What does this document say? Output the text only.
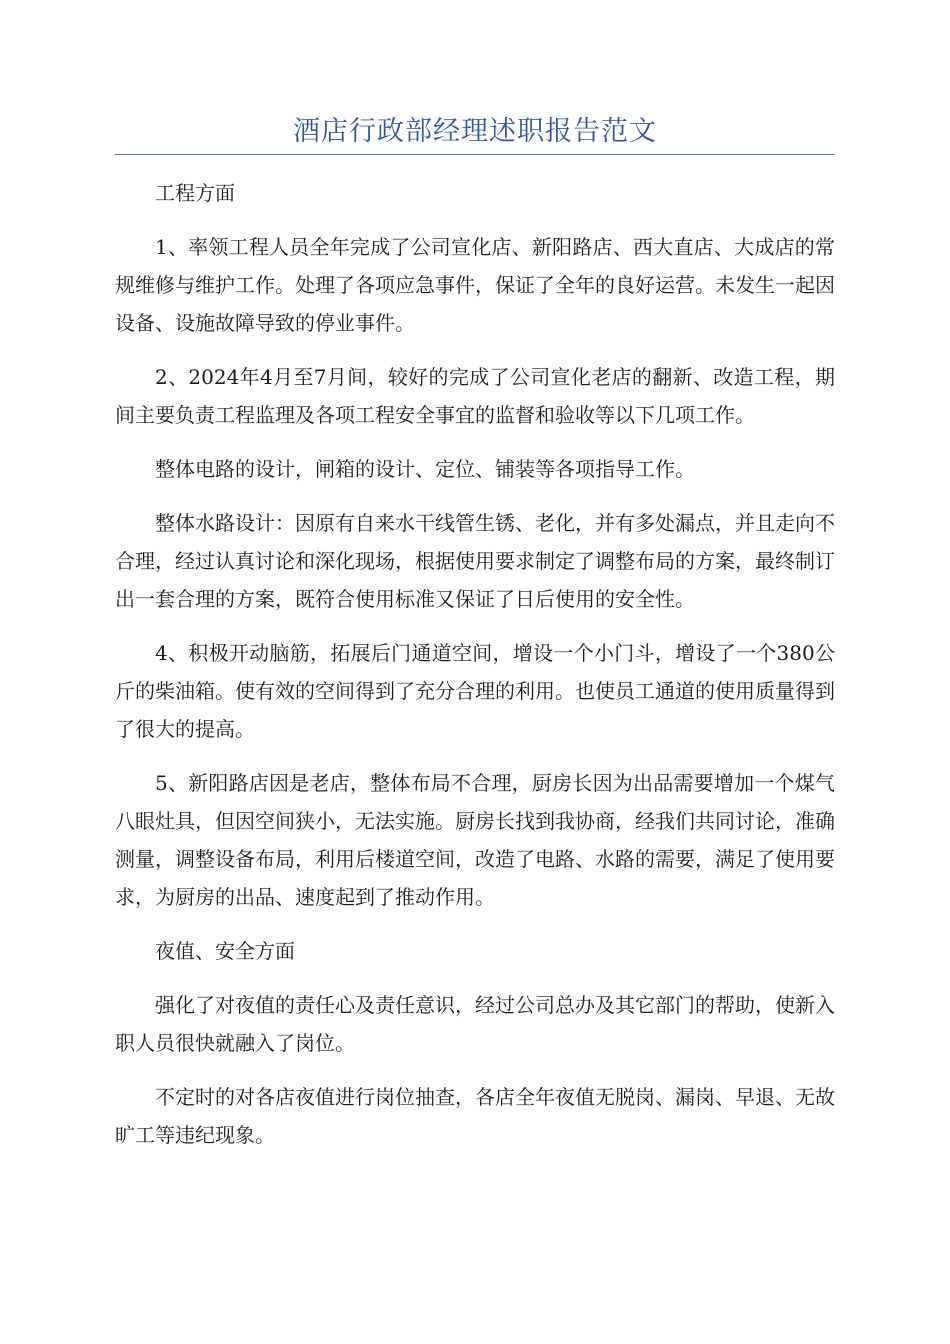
酒店行政部经理述职报告范文

工程方面

1、率领工程人员全年完成了公司宣化店、新阳路店、西大直店、大成店的常规维修与维护工作。处理了各项应急事件，保证了全年的良好运营。未发生一起因设备、设施故障导致的停业事件。

2、2024年4月至7月间，较好的完成了公司宣化老店的翻新、改造工程，期间主要负责工程监理及各项工程安全事宜的监督和验收等以下几项工作。

整体电路的设计，闸箱的设计、定位、铺装等各项指导工作。

整体水路设计：因原有自来水干线管生锈、老化，并有多处漏点，并且走向不合理，经过认真讨论和深化现场，根据使用要求制定了调整布局的方案，最终制订出一套合理的方案，既符合使用标准又保证了日后使用的安全性。

4、积极开动脑筋，拓展后门通道空间，增设一个小门斗，增设了一个380公斤的柴油箱。使有效的空间得到了充分合理的利用。也使员工通道的使用质量得到了很大的提高。

5、新阳路店因是老店，整体布局不合理，厨房长因为出品需要增加一个煤气八眼灶具，但因空间狭小，无法实施。厨房长找到我协商，经我们共同讨论，准确测量，调整设备布局，利用后楼道空间，改造了电路、水路的需要，满足了使用要求，为厨房的出品、速度起到了推动作用。

夜值、安全方面

强化了对夜值的责任心及责任意识，经过公司总办及其它部门的帮助，使新入职人员很快就融入了岗位。

不定时的对各店夜值进行岗位抽查，各店全年夜值无脱岗、漏岗、早退、无故旷工等违纪现象。
